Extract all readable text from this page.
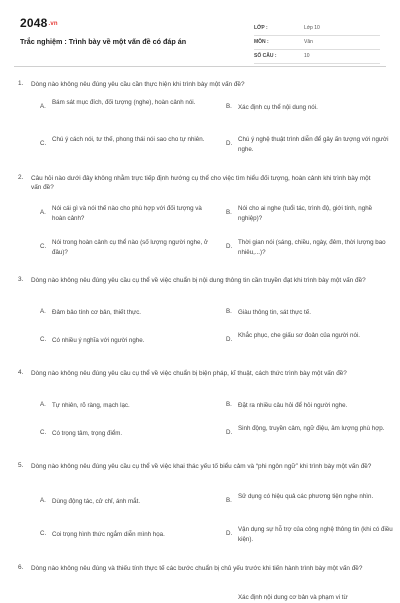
2048.vn
Trắc nghiệm : Trình bày về một vấn đề có đáp án
LỚP :	Lớp 10
MÔN :	Văn
SỐ CÂU :	10
1. Dòng nào không nêu đúng yêu cầu cần thực hiện khi trình bày một vấn đề?
A.
Bám sát mục đích, đối tượng (nghe), hoàn cảnh nói.
B. Xác định cụ thể nội dung nói.
C.
Chú ý cách nói, tư thế, phong thái nói sao cho tự nhiên.
D.
Chú ý nghệ thuật trình diễn để gây ấn tượng với người nghe.
2. Câu hỏi nào dưới đây không nhằm trực tiếp định hướng cụ thể cho việc tìm hiểu đối tượng, hoàn cảnh khi trình bày một vấn đề?
A.
Nói cái gì và nói thế nào cho phù hợp với đối tượng và hoàn cảnh?
B.
Nói cho ai nghe (tuổi tác, trình độ, giới tính, nghề nghiệp)?
C.
Nói trong hoàn cảnh cụ thể nào (số lượng người nghe, ở đâu)?
D.
Thời gian nói (sáng, chiều, ngày, đêm, thời lượng bao nhiêu,...)?
3. Dòng nào không nêu đúng yêu cầu cụ thể về việc chuẩn bị nội dung thông tin cần truyền đạt khi trình bày một vấn đề?
A. Đảm bảo tính cơ bản, thiết thực.	B. Giàu thông tin, sát thực tế.
C. Có nhiều ý nghĩa với người nghe.	D.
Khắc phục, che giấu sơ đoản của người nói.
4. Dòng nào không nêu đúng yêu cầu cụ thể về việc chuẩn bị biện pháp, kĩ thuật, cách thức trình bày một vấn đề?
A. Tự nhiên, rõ ràng, mạch lạc.	B. Đặt ra nhiều câu hỏi để hỏi người nghe.
C. Có trọng tâm, trọng điểm.	D.
Sinh động, truyền cảm, ngữ điệu, âm lượng phù hợp.
5. Dòng nào không nêu đúng yêu cầu cụ thể về việc khai thác yếu tố biểu cảm và “phi ngôn ngữ” khi trình bày một vấn đề?
A. Dùng động tác, cử chỉ, ánh mắt.	B.
Sử dụng có hiệu quả các phương tiện nghe nhìn.
C. Coi trọng hình thức ngắm diễn mình họa.	D.
Vận dụng sự hỗ trợ của công nghệ thông tin (khi có điều kiện).
6. Dòng nào không nêu đúng và thiếu tính thực tế các bước chuẩn bị chủ yếu trước khi tiến hành trình bày một vấn đề?
Xác định nội dung cơ bản và phạm vi từ
